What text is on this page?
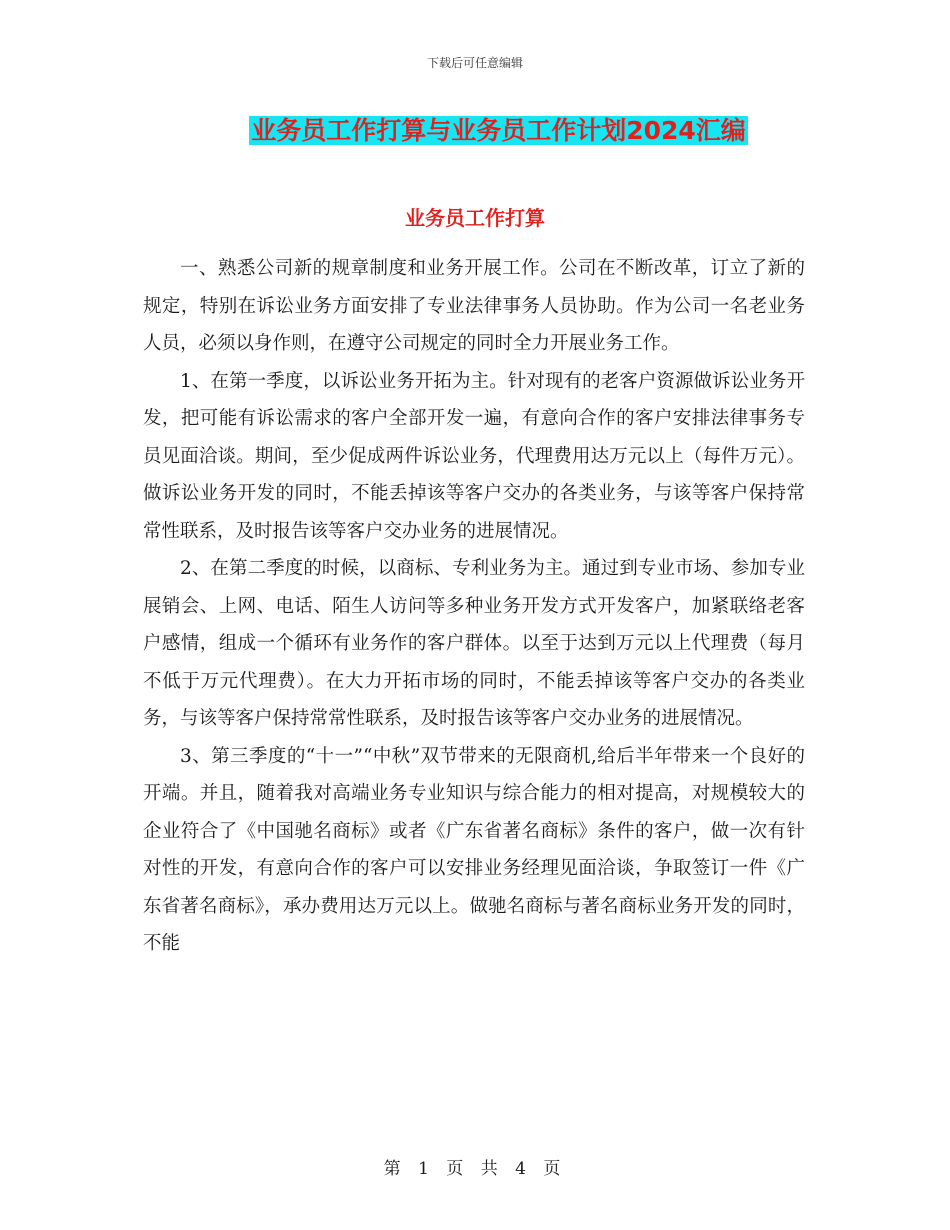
下载后可任意编辑
业务员工作打算与业务员工作计划2024汇编
业务员工作打算

一、熟悉公司新的规章制度和业务开展工作。公司在不断改革，订立了新的规定，特别在诉讼业务方面安排了专业法律事务人员协助。作为公司一名老业务人员，必须以身作则，在遵守公司规定的同时全力开展业务工作。

1、在第一季度，以诉讼业务开拓为主。针对现有的老客户资源做诉讼业务开发，把可能有诉讼需求的客户全部开发一遍，有意向合作的客户安排法律事务专员见面洽谈。期间，至少促成两件诉讼业务，代理费用达万元以上（每件万元）。做诉讼业务开发的同时，不能丢掉该等客户交办的各类业务，与该等客户保持常常性联系，及时报告该等客户交办业务的进展情况。

2、在第二季度的时候，以商标、专利业务为主。通过到专业市场、参加专业展销会、上网、电话、陌生人访问等多种业务开发方式开发客户，加紧联络老客户感情，组成一个循环有业务作的客户群体。以至于达到万元以上代理费（每月不低于万元代理费）。在大力开拓市场的同时，不能丢掉该等客户交办的各类业务，与该等客户保持常常性联系，及时报告该等客户交办业务的进展情况。

3、第三季度的“十一”“中秋”双节带来的无限商机,给后半年带来一个良好的开端。并且，随着我对高端业务专业知识与综合能力的相对提高，对规模较大的企业符合了《中国驰名商标》或者《广东省著名商标》条件的客户，做一次有针对性的开发，有意向合作的客户可以安排业务经理见面洽谈，争取签订一件《广东省著名商标》，承办费用达万元以上。做驰名商标与著名商标业务开发的同时，不能

第 1 页 共 4 页
